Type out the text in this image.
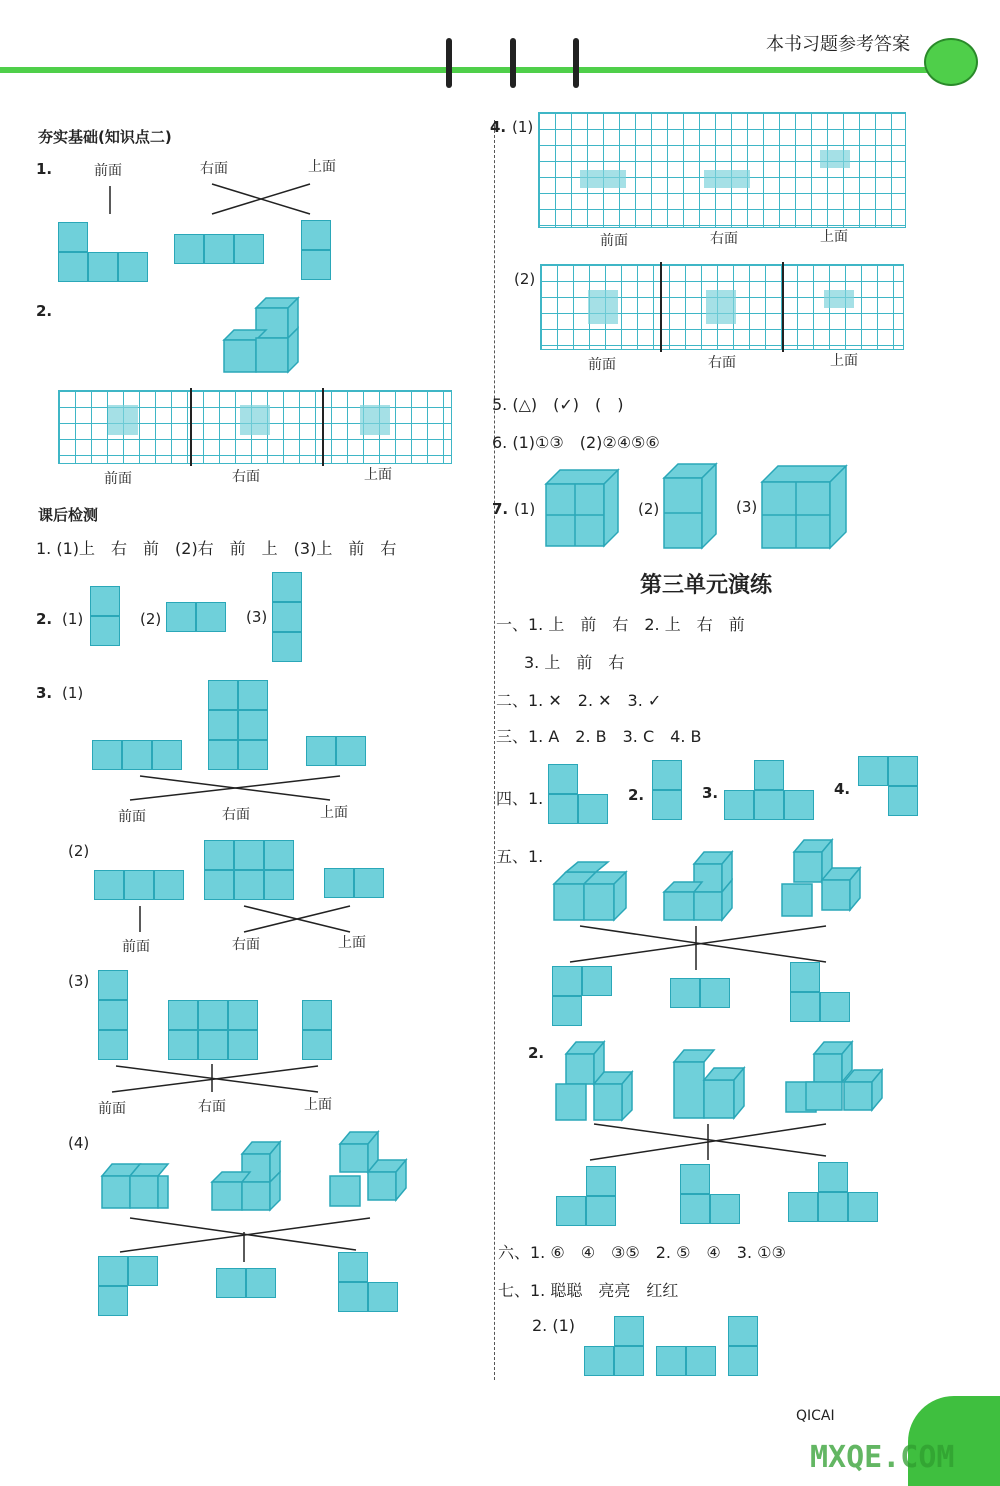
本书习题参考答案
夯实基础(知识点二)
1.	前面	右面	上面
2.
前面	右面	上面
课后检测
1. (1)上　右　前　(2)右　前　上　(3)上　前　右
2. (1)	(2)	(3)
3. (1)
前面	右面	上面
(2)
前面	右面	上面
(3)
前面	右面	上面
(4)
4. (1)
前面	右面	上面
(2)
前面	右面	上面
5. (△)　(✓)　(　)
6. (1)①③　(2)②④⑤⑥
7. (1)	(2)	(3)
第三单元演练
一、1. 上　前　右　2. 上　右　前
3. 上　前　右
二、1. ✕　2. ✕　3. ✓
三、1. A　2. B　3. C　4. B
四、1.	2.	3.	4.
五、1.
2.
六、1. ⑥　④　③⑤　2. ⑤　④　3. ①③
七、1. 聪聪　亮亮　红红
2. (1)
QICAI
MXQE.COM
